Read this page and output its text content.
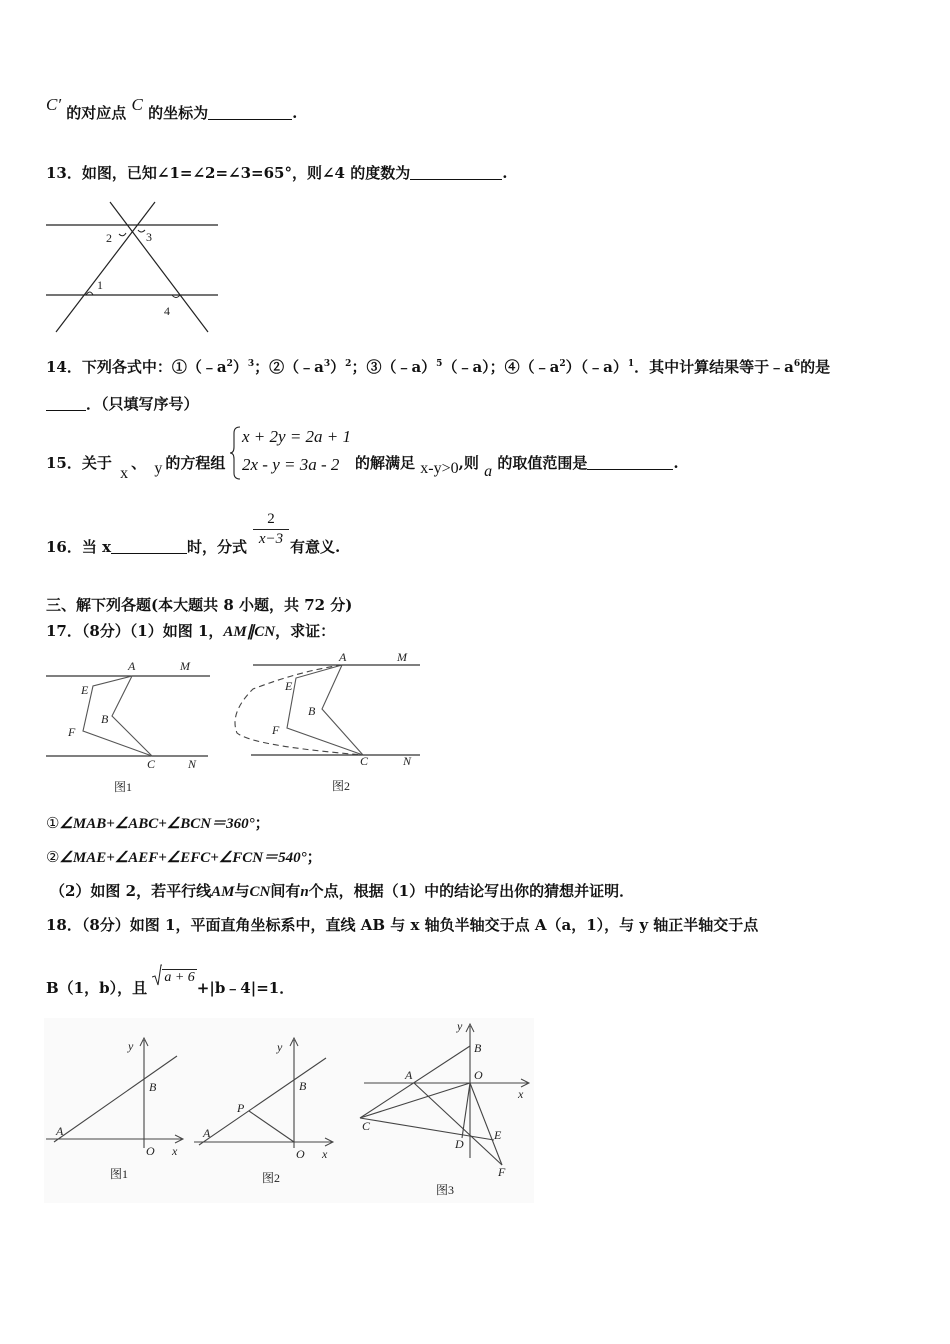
C′ 的对应点 C 的坐标为	.
13．如图，已知∠1=∠2=∠3=65°，则∠4 的度数为	.
2	3
1
4
14．下列各式中：$①(﹣a^2)^3$；$②(﹣a^3)^2$；③（﹣a）$^5$（﹣a）；$④(﹣a^2)(﹣a)^1$．其中计算结果等于$﹣a^6$的是
．（只填写序号）
15．关于 x、 y 的方程组
x + 2y = 2a + 1
2x - y = 3a - 2 的解满足 x-y>0,则 a 的取值范围是	.
16．当 x	时，分式
2
x−3 有意义.
三、解下列各题(本大题共 8 小题，共 72 分)
17．（8分）（1）如图 1，AM∥CN，求证：
A	M
E
B
F
C	N
图1
A	M
E
B
F
C	N
图2
①∠MAB+∠ABC+∠BCN＝360°；
②∠MAE+∠AEF+∠EFC+∠FCN＝540°；
（2）如图 2，若平行线AM与CN间有n个点，根据（1）中的结论写出你的猜想并证明．
18．（8分）如图 1，平面直角坐标系中，直线 AB 与 x 轴负半轴交于点 A（a，1），与 y 轴正半轴交于点
B（1，b），且 a + 6+|b﹣4|=1．
y
B
A
O x
图1
y
B
P
A
O x
图2
y
B
A	O
x
C
D
E
F
图3
